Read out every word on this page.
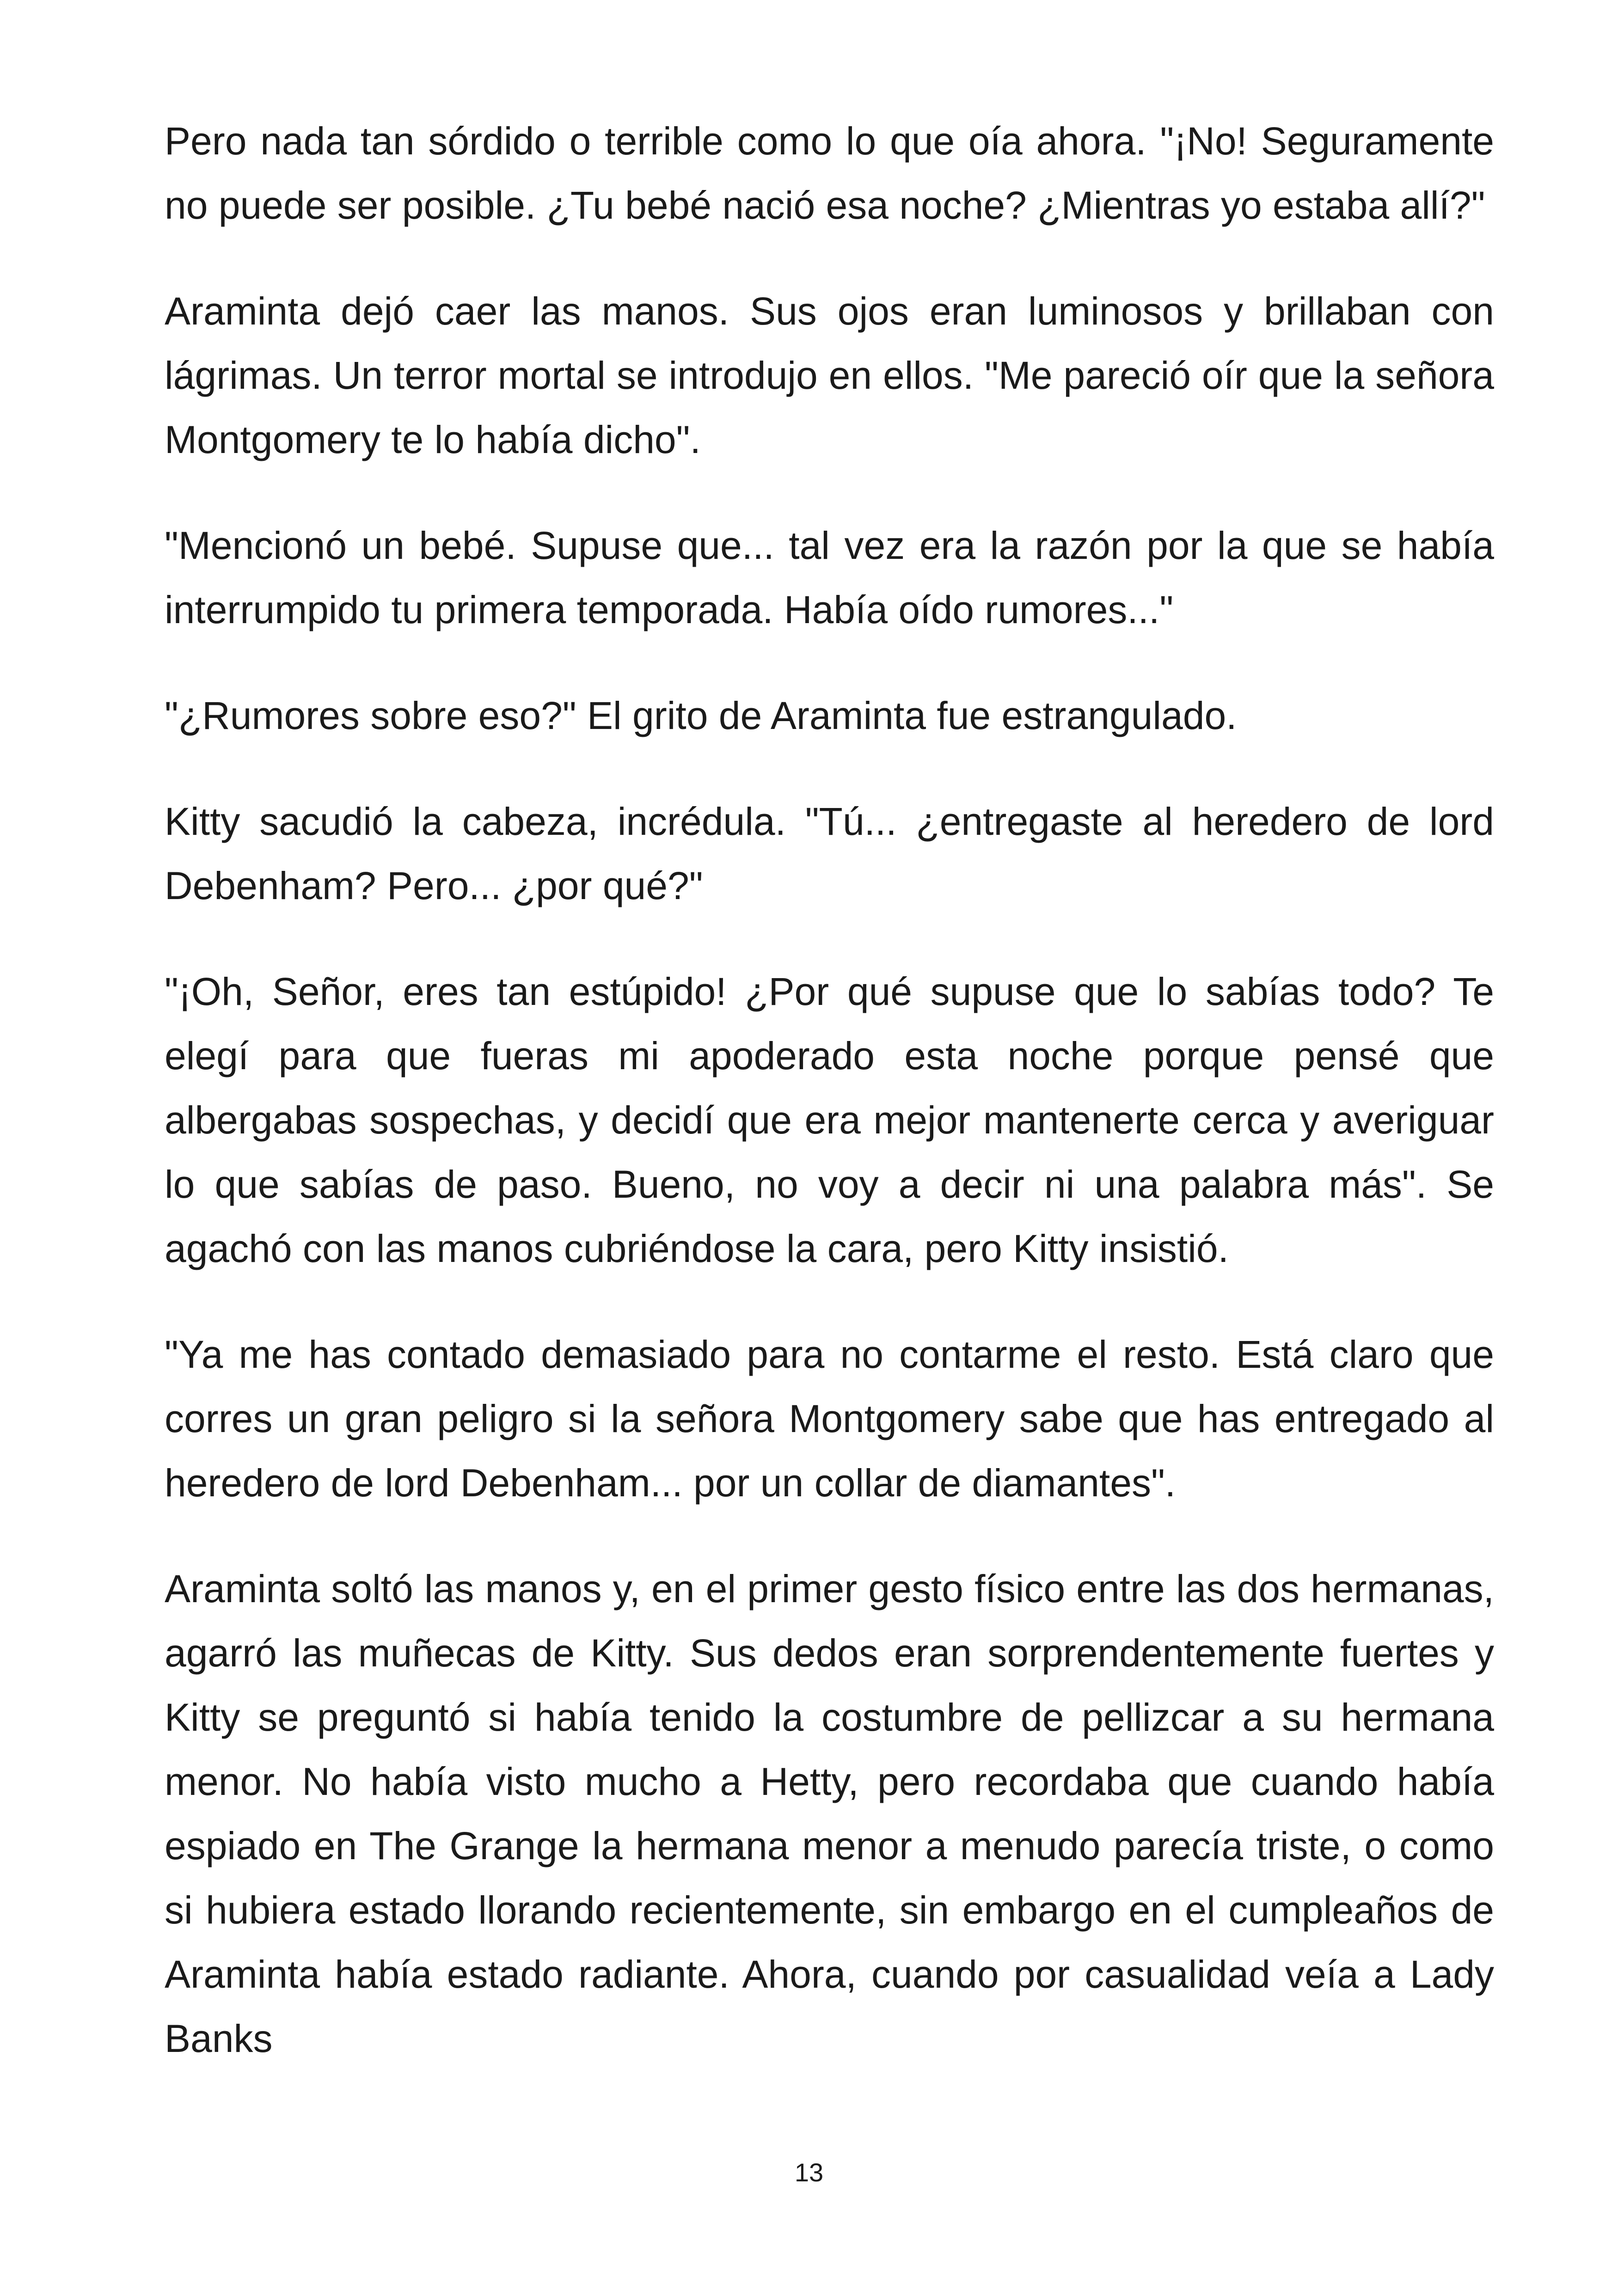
Pero nada tan sórdido o terrible como lo que oía ahora. "¡No! Seguramente no puede ser posible. ¿Tu bebé nació esa noche? ¿Mientras yo estaba allí?"

Araminta dejó caer las manos. Sus ojos eran luminosos y brillaban con lágrimas. Un terror mortal se introdujo en ellos. "Me pareció oír que la señora Montgomery te lo había dicho".

"Mencionó un bebé. Supuse que... tal vez era la razón por la que se había interrumpido tu primera temporada. Había oído rumores..."

"¿Rumores sobre eso?" El grito de Araminta fue estrangulado.

Kitty sacudió la cabeza, incrédula. "Tú... ¿entregaste al heredero de lord Debenham? Pero... ¿por qué?"

"¡Oh, Señor, eres tan estúpido! ¿Por qué supuse que lo sabías todo? Te elegí para que fueras mi apoderado esta noche porque pensé que albergabas sospechas, y decidí que era mejor mantenerte cerca y averiguar lo que sabías de paso. Bueno, no voy a decir ni una palabra más". Se agachó con las manos cubriéndose la cara, pero Kitty insistió.

"Ya me has contado demasiado para no contarme el resto. Está claro que corres un gran peligro si la señora Montgomery sabe que has entregado al heredero de lord Debenham... por un collar de diamantes".

Araminta soltó las manos y, en el primer gesto físico entre las dos hermanas, agarró las muñecas de Kitty. Sus dedos eran sorprendentemente fuertes y Kitty se preguntó si había tenido la costumbre de pellizcar a su hermana menor. No había visto mucho a Hetty, pero recordaba que cuando había espiado en The Grange la hermana menor a menudo parecía triste, o como si hubiera estado llorando recientemente, sin embargo en el cumpleaños de Araminta había estado radiante. Ahora, cuando por casualidad veía a Lady Banks

13
